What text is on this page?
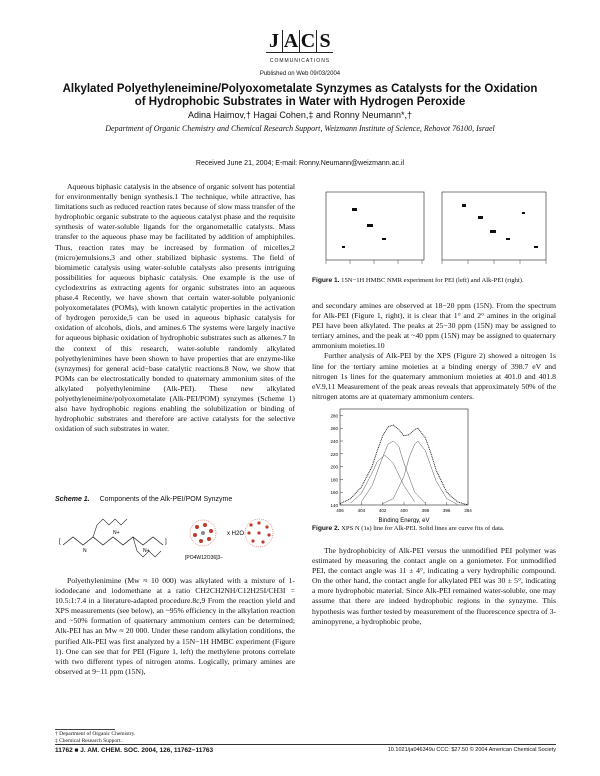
J A C S
COMMUNICATIONS
Published on Web 09/03/2004
Alkylated Polyethyleneimine/Polyoxometalate Synzymes as Catalysts for the Oxidation of Hydrophobic Substrates in Water with Hydrogen Peroxide
Adina Haimov,† Hagai Cohen,‡ and Ronny Neumann*,†
Department of Organic Chemistry and Chemical Research Support, Weizmann Institute of Science, Rehovot 76100, Israel
Received June 21, 2004; E-mail: Ronny.Neumann@weizmann.ac.il

Aqueous biphasic catalysis in the absence of organic solvent has potential for environmentally benign synthesis.1 The technique, while attractive, has limitations such as reduced reaction rates because of slow mass transfer of the hydrophobic organic substrate to the aqueous catalyst phase and the requisite synthesis of water-soluble ligands for the organometallic catalysts. Mass transfer to the aqueous phase may be facilitated by addition of amphiphiles. Thus, reaction rates may be increased by formation of micelles,2 (micro)emulsions,3 and other stabilized biphasic systems. The field of biomimetic catalysis using water-soluble catalysts also presents intriguing possibilities for aqueous biphasic catalysis. One example is the use of cyclodextrins as extracting agents for organic substrates into an aqueous phase.4 Recently, we have shown that certain water-soluble polyanionic polyoxometalates (POMs), with known catalytic properties in the activation of hydrogen peroxide,5 can be used in aqueous biphasic catalysis for oxidation of alcohols, diols, and amines.6 The systems were largely inactive for aqueous biphasic oxidation of hydrophobic substrates such as alkenes.7 In the context of this research, water-soluble randomly alkylated polyethylenimines have been shown to have properties that are enzyme-like (synzymes) for general acid−base catalytic reactions.8 Now, we show that POMs can be electrostatically bonded to quaternary ammonium sites of the alkylated polyethylenimine (Alk-PEI). These new alkylated polyethyleneimine/polyoxometalate (Alk-PEI/POM) synzymes (Scheme 1) also have hydrophobic regions enabling the solubilization or binding of hydrophobic substrates and therefore are active catalysts for the selective oxidation of such substrates in water.

Scheme 1. Components of the Alk-PEI/POM Synzyme
N
N+
N+
[	]
[PO4W12O36]3−
x H2O

Polyethylenimine (Mw ≈ 10 000) was alkylated with a mixture of 1-iododecane and iodomethane at a ratio CH2CH2NH/C12H25I/CH3I = 10.5:1:7.4 in a literature-adapted procedure.8c,9 From the reaction yield and XPS measurements (see below), an ~95% efficiency in the alkylation reaction and ~50% formation of quaternary ammonium centers can be determined; Alk-PEI has an Mw ≈ 20 000. Under these random alkylation conditions, the purified Alk-PEI was first analyzed by a 15N−1H HMBC experiment (Figure 1). One can see that for PEI (Figure 1, left) the methylene protons correlate with two different types of nitrogen atoms. Logically, primary amines are observed at 9−11 ppm (15N),

Figure 1. 15N−1H HMBC NMR experiment for PEI (left) and Alk-PEI (right).

and secondary amines are observed at 18−20 ppm (15N). From the spectrum for Alk-PEI (Figure 1, right), it is clear that 1° and 2° amines in the original PEI have been alkylated. The peaks at 25−30 ppm (15N) may be assigned to tertiary amines, and the peak at ~40 ppm (15N) may be assigned to quaternary ammonium moieties.10

Further analysis of Alk-PEI by the XPS (Figure 2) showed a nitrogen 1s line for the tertiary amine moieties at a binding energy of 398.7 eV and nitrogen 1s lines for the quaternary ammonium moieties at 401.0 and 401.8 eV.9,11 Measurement of the peak areas reveals that approximately 50% of the nitrogen atoms are at quaternary ammonium centers.

280
260
240
220
200
180
160
140
406	404	402	400	398	396	394
Binding Energy, eV
Figure 2. XPS N (1s) line for Alk-PEI. Solid lines are curve fits of data.

The hydrophobicity of Alk-PEI versus the unmodified PEI polymer was estimated by measuring the contact angle on a goniometer. For unmodified PEI, the contact angle was 11 ± 4°, indicating a very hydrophilic compound. On the other hand, the contact angle for alkylated PEI was 30 ± 5°, indicating a more hydrophobic material. Since Alk-PEI remained water-soluble, one may assume that there are indeed hydrophobic regions in the synzyme. This hypothesis was further tested by measurement of the fluorescence spectra of 3-aminopyrene, a hydrophobic probe,

† Department of Organic Chemistry.
‡ Chemical Research Support.
11762 ■ J. AM. CHEM. SOC. 2004, 126, 11762−11763	10.1021/ja046349u CCC: $27.50 © 2004 American Chemical Society
